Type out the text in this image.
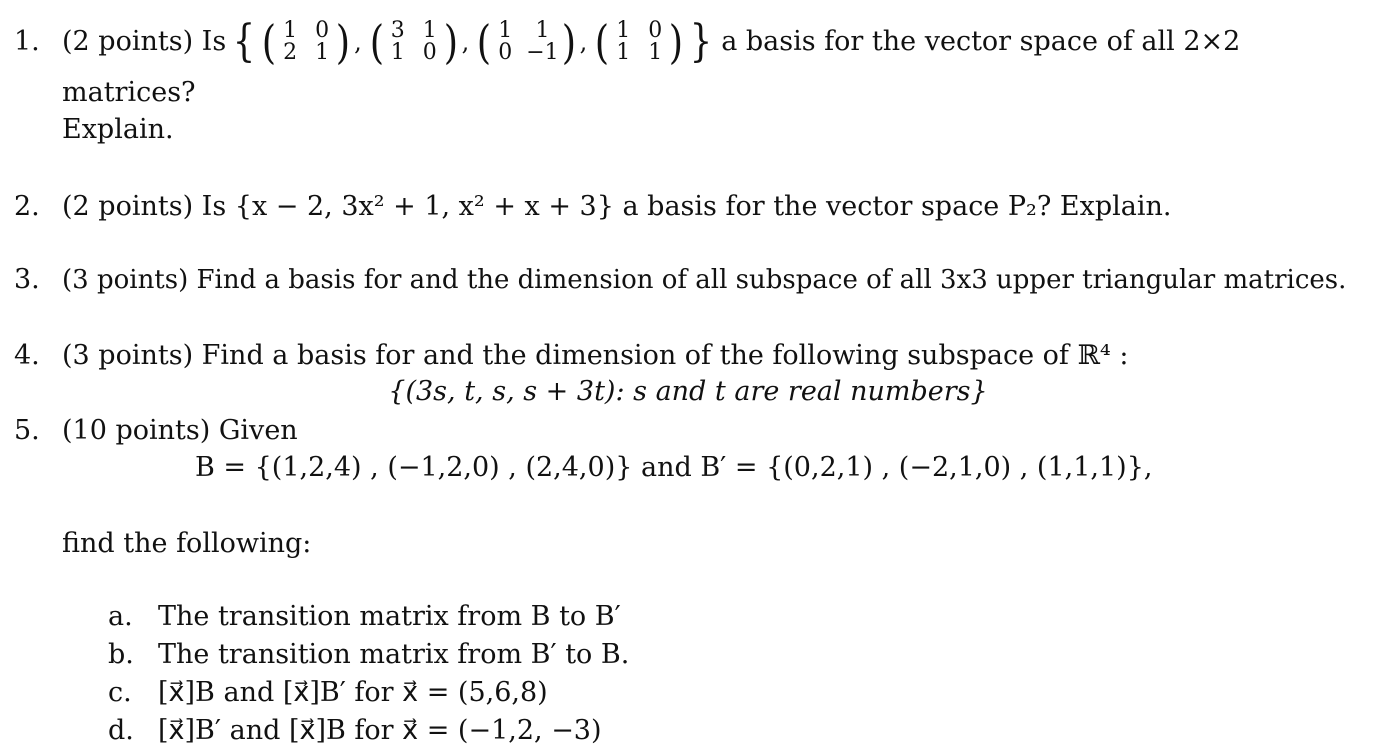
1. (2 points) Is { ( 1 0
2 1 ) , ( 3 1
1 0 ) , ( 1	1
0 −1 ) , ( 1 0
1 1 ) } a basis for the vector space of all 2×2
matrices?
Explain.
2. (2 points) Is {x − 2, 3x² + 1, x² + x + 3} a basis for the vector space P₂? Explain.
3. (3 points) Find a basis for and the dimension of all subspace of all 3x3 upper triangular matrices.
4. (3 points) Find a basis for and the dimension of the following subspace of ℝ⁴ :
{(3s, t, s, s + 3t): s and t are real numbers}
5. (10 points) Given
B = {(1,2,4) , (−1,2,0) , (2,4,0)} and B′ = {(0,2,1) , (−2,1,0) , (1,1,1)},
find the following:
a. The transition matrix from B to B′
b. The transition matrix from B′ to B.
c. [x⃗]B and [x⃗]B′ for x⃗ = (5,6,8)
d. [x⃗]B′ and [x⃗]B for x⃗ = (−1,2, −3)
